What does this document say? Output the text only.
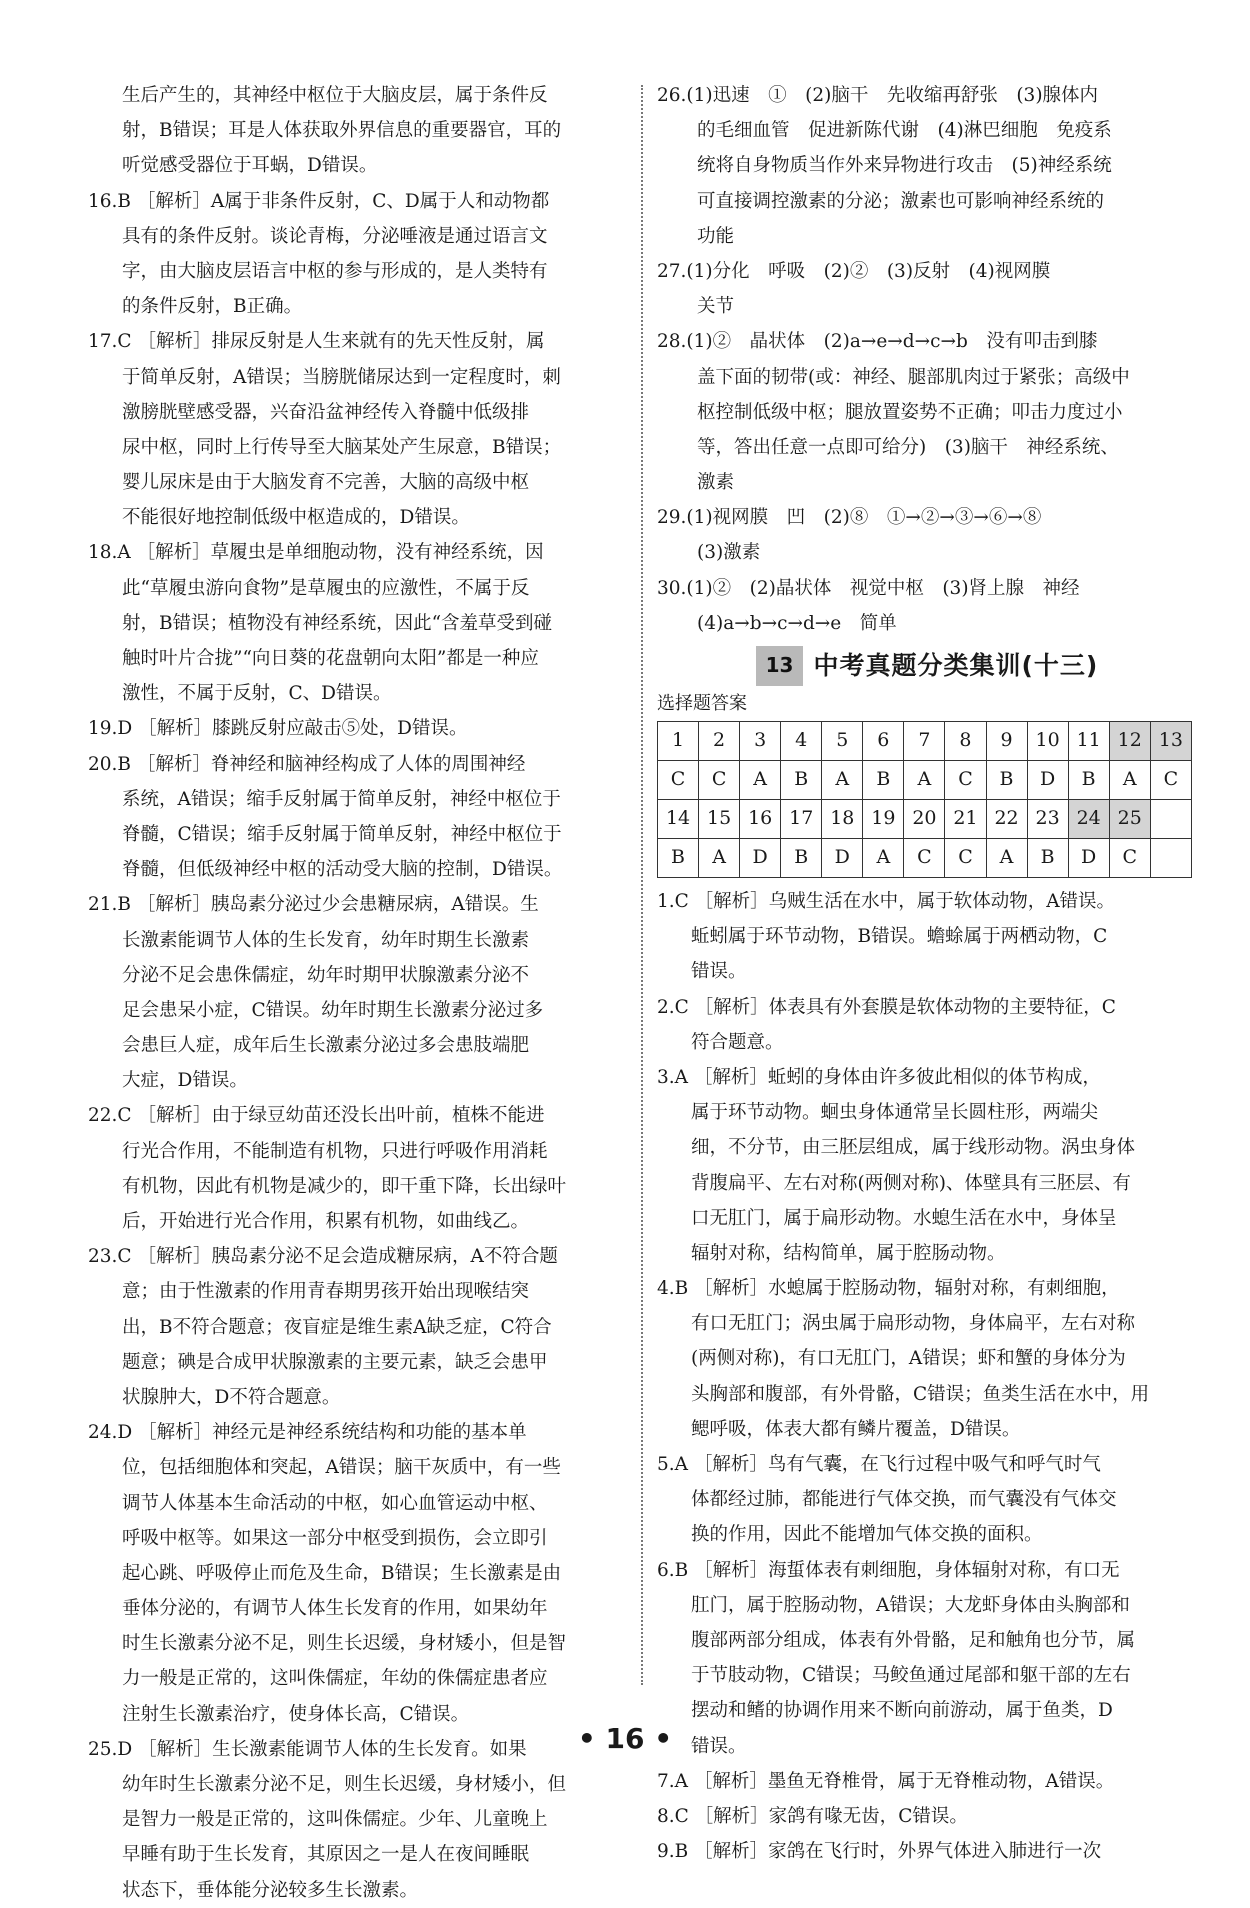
生后产生的，其神经中枢位于大脑皮层，属于条件反
射，B错误；耳是人体获取外界信息的重要器官，耳的
听觉感受器位于耳蜗，D错误。
16.B ［解析］A属于非条件反射，C、D属于人和动物都
具有的条件反射。谈论青梅，分泌唾液是通过语言文
字，由大脑皮层语言中枢的参与形成的，是人类特有
的条件反射，B正确。
17.C ［解析］排尿反射是人生来就有的先天性反射，属
于简单反射，A错误；当膀胱储尿达到一定程度时，刺
激膀胱壁感受器，兴奋沿盆神经传入脊髓中低级排
尿中枢，同时上行传导至大脑某处产生尿意，B错误；
婴儿尿床是由于大脑发育不完善，大脑的高级中枢
不能很好地控制低级中枢造成的，D错误。
18.A ［解析］草履虫是单细胞动物，没有神经系统，因
此“草履虫游向食物”是草履虫的应激性，不属于反
射，B错误；植物没有神经系统，因此“含羞草受到碰
触时叶片合拢”“向日葵的花盘朝向太阳”都是一种应
激性，不属于反射，C、D错误。
19.D ［解析］膝跳反射应敲击⑤处，D错误。
20.B ［解析］脊神经和脑神经构成了人体的周围神经
系统，A错误；缩手反射属于简单反射，神经中枢位于
脊髓，C错误；缩手反射属于简单反射，神经中枢位于
脊髓，但低级神经中枢的活动受大脑的控制，D错误。
21.B ［解析］胰岛素分泌过少会患糖尿病，A错误。生
长激素能调节人体的生长发育，幼年时期生长激素
分泌不足会患侏儒症，幼年时期甲状腺激素分泌不
足会患呆小症，C错误。幼年时期生长激素分泌过多
会患巨人症，成年后生长激素分泌过多会患肢端肥
大症，D错误。
22.C ［解析］由于绿豆幼苗还没长出叶前，植株不能进
行光合作用，不能制造有机物，只进行呼吸作用消耗
有机物，因此有机物是减少的，即干重下降，长出绿叶
后，开始进行光合作用，积累有机物，如曲线乙。
23.C ［解析］胰岛素分泌不足会造成糖尿病，A不符合题
意；由于性激素的作用青春期男孩开始出现喉结突
出，B不符合题意；夜盲症是维生素A缺乏症，C符合
题意；碘是合成甲状腺激素的主要元素，缺乏会患甲
状腺肿大，D不符合题意。
24.D ［解析］神经元是神经系统结构和功能的基本单
位，包括细胞体和突起，A错误；脑干灰质中，有一些
调节人体基本生命活动的中枢，如心血管运动中枢、
呼吸中枢等。如果这一部分中枢受到损伤，会立即引
起心跳、呼吸停止而危及生命，B错误；生长激素是由
垂体分泌的，有调节人体生长发育的作用，如果幼年
时生长激素分泌不足，则生长迟缓，身材矮小，但是智
力一般是正常的，这叫侏儒症，年幼的侏儒症患者应
注射生长激素治疗，使身体长高，C错误。
25.D ［解析］生长激素能调节人体的生长发育。如果
幼年时生长激素分泌不足，则生长迟缓，身材矮小，但
是智力一般是正常的，这叫侏儒症。少年、儿童晚上
早睡有助于生长发育，其原因之一是人在夜间睡眠
状态下，垂体能分泌较多生长激素。
26.(1)迅速　①　(2)脑干　先收缩再舒张　(3)腺体内
的毛细血管　促进新陈代谢　(4)淋巴细胞　免疫系
统将自身物质当作外来异物进行攻击　(5)神经系统
可直接调控激素的分泌；激素也可影响神经系统的
功能
27.(1)分化　呼吸　(2)②　(3)反射　(4)视网膜
关节
28.(1)②　晶状体　(2)a→e→d→c→b　没有叩击到膝
盖下面的韧带(或：神经、腿部肌肉过于紧张；高级中
枢控制低级中枢；腿放置姿势不正确；叩击力度过小
等，答出任意一点即可给分)　(3)脑干　神经系统、
激素
29.(1)视网膜　凹　(2)⑧　①→②→③→⑥→⑧
(3)激素
30.(1)②　(2)晶状体　视觉中枢　(3)肾上腺　神经
(4)a→b→c→d→e　简单
13 中考真题分类集训(十三)
选择题答案
1	2	3	4	5	6	7	8	9	10	11	12	13
C	C	A	B	A	B	A	C	B	D	B	A	C
14	15	16	17	18	19	20	21	22	23	24	25	
B	A	D	B	D	A	C	C	A	B	D	C	
1.C ［解析］乌贼生活在水中，属于软体动物，A错误。
蚯蚓属于环节动物，B错误。蟾蜍属于两栖动物，C
错误。
2.C ［解析］体表具有外套膜是软体动物的主要特征，C
符合题意。
3.A ［解析］蚯蚓的身体由许多彼此相似的体节构成，
属于环节动物。蛔虫身体通常呈长圆柱形，两端尖
细，不分节，由三胚层组成，属于线形动物。涡虫身体
背腹扁平、左右对称(两侧对称)、体壁具有三胚层、有
口无肛门，属于扁形动物。水螅生活在水中，身体呈
辐射对称，结构简单，属于腔肠动物。
4.B ［解析］水螅属于腔肠动物，辐射对称，有刺细胞，
有口无肛门；涡虫属于扁形动物，身体扁平，左右对称
(两侧对称)，有口无肛门，A错误；虾和蟹的身体分为
头胸部和腹部，有外骨骼，C错误；鱼类生活在水中，用
鳃呼吸，体表大都有鳞片覆盖，D错误。
5.A ［解析］鸟有气囊，在飞行过程中吸气和呼气时气
体都经过肺，都能进行气体交换，而气囊没有气体交
换的作用，因此不能增加气体交换的面积。
6.B ［解析］海蜇体表有刺细胞，身体辐射对称，有口无
肛门，属于腔肠动物，A错误；大龙虾身体由头胸部和
腹部两部分组成，体表有外骨骼，足和触角也分节，属
于节肢动物，C错误；马鲛鱼通过尾部和躯干部的左右
摆动和鳍的协调作用来不断向前游动，属于鱼类，D
错误。
7.A ［解析］墨鱼无脊椎骨，属于无脊椎动物，A错误。
8.C ［解析］家鸽有喙无齿，C错误。
9.B ［解析］家鸽在飞行时，外界气体进入肺进行一次
• 16 •
